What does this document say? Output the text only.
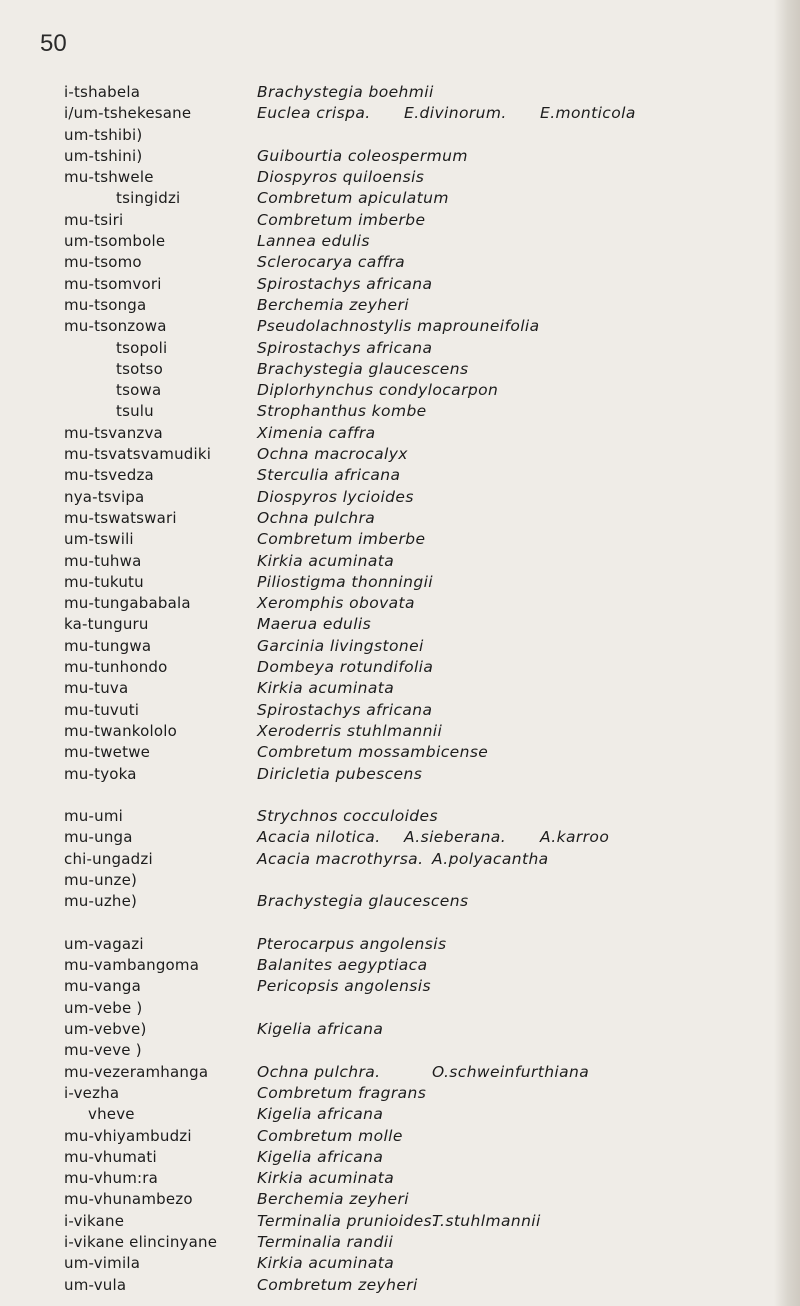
50
i-tshabela
i/um-tshekesane
um-tshibi)
um-tshini)
mu-tshwele
tsingidzi
mu-tsiri
um-tsombole
mu-tsomo
mu-tsomvori
mu-tsonga
mu-tsonzowa
tsopoli
tsotso
tsowa
tsulu
mu-tsvanzva
mu-tsvatsvamudiki
mu-tsvedza
nya-tsvipa
mu-tswatswari
um-tswili
mu-tuhwa
mu-tukutu
mu-tungababala
ka-tunguru
mu-tungwa
mu-tunhondo
mu-tuva
mu-tuvuti
mu-twankololo
mu-twetwe
mu-tyoka
mu-umi
mu-unga
chi-ungadzi
mu-unze)
mu-uzhe)
um-vagazi
mu-vambangoma
mu-vanga
um-vebe )
um-vebve)
mu-veve )
mu-vezeramhanga
i-vezha
vheve
mu-vhiyambudzi
mu-vhumati
mu-vhum:ra
mu-vhunambezo
i-vikane
i-vikane elincinyane
um-vimila
um-vula
Brachystegia boehmii
Euclea crispa. E.divinorum. E.monticola
Guibourtia coleospermum
Diospyros quiloensis
Combretum apiculatum
Combretum imberbe
Lannea edulis
Sclerocarya caffra
Spirostachys africana
Berchemia zeyheri
Pseudolachnostylis maprouneifolia
Spirostachys africana
Brachystegia glaucescens
Diplorhynchus condylocarpon
Strophanthus kombe
Ximenia caffra
Ochna macrocalyx
Sterculia africana
Diospyros lycioides
Ochna pulchra
Combretum imberbe
Kirkia acuminata
Piliostigma thonningii
Xeromphis obovata
Maerua edulis
Garcinia livingstonei
Dombeya rotundifolia
Kirkia acuminata
Spirostachys africana
Xeroderris stuhlmannii
Combretum mossambicense
Diricletia pubescens
Strychnos cocculoides
Acacia nilotica. A.sieberana. A.karroo
Acacia macrothyrsa. A.polyacantha
Brachystegia glaucescens
Pterocarpus angolensis
Balanites aegyptiaca
Pericopsis angolensis
Kigelia africana
Ochna pulchra.	O.schweinfurthiana
Combretum fragrans
Kigelia africana
Combretum molle
Kigelia africana
Kirkia acuminata
Berchemia zeyheri
Terminalia prunioides.
T.stuhlmannii
Terminalia randii
Kirkia acuminata
Combretum zeyheri
